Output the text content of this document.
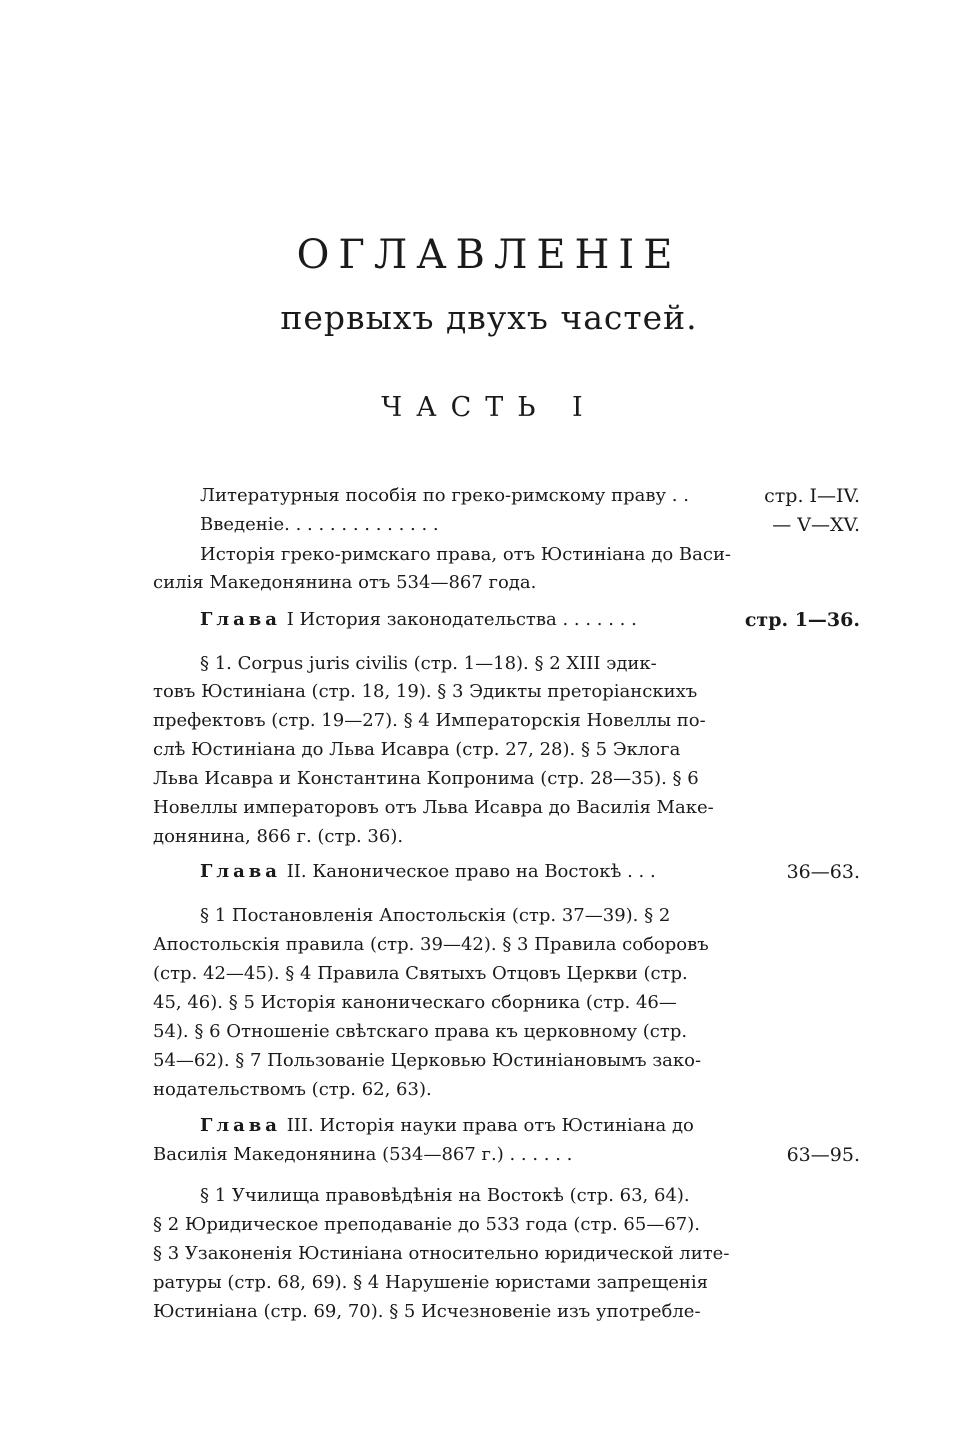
ОГЛАВЛЕНIЕ
первыхъ двухъ частей.
ЧАСТЬ I
Литературныя пособія по греко-римскому праву . .	стр. I—IV.
Введеніе. . . . . . . . . . . . . .	— V—XV.
Исторія греко-римскаго права, отъ Юстиніана до Васи-
силія Македонянина отъ 534—867 года.
Глава I История законодательства . . . . . . .	стр. 1—36.
§ 1. Corpus juris civilis (стр. 1—18). § 2 XIII эдик-
товъ Юстиніана (стр. 18, 19). § 3 Эдикты преторіанскихъ
префектовъ (стр. 19—27). § 4 Императорскія Новеллы по-
слѣ Юстиніана до Льва Исавра (стр. 27, 28). § 5 Эклога
Льва Исавра и Константина Копронима (стр. 28—35). § 6
Новеллы императоровъ отъ Льва Исавра до Василія Маке-
донянина, 866 г. (стр. 36).
Глава II. Каноническое право на Востокѣ . . .	36—63.
§ 1 Постановленія Апостольскія (стр. 37—39). § 2
Апостольскія правила (стр. 39—42). § 3 Правила соборовъ
(стр. 42—45). § 4 Правила Святыхъ Отцовъ Церкви (стр.
45, 46). § 5 Исторія каноническаго сборника (стр. 46—
54). § 6 Отношеніе свѣтскаго права къ церковному (стр.
54—62). § 7 Пользованіе Церковью Юстиніановымъ зако-
нодательствомъ (стр. 62, 63).
Глава III. Исторія науки права отъ Юстиніана до
Василія Македонянина (534—867 г.) . . . . . .	63—95.
§ 1 Училища правовѣдѣнія на Востокѣ (стр. 63, 64).
§ 2 Юридическое преподаваніе до 533 года (стр. 65—67).
§ 3 Узаконенія Юстиніана относительно юридической лите-
ратуры (стр. 68, 69). § 4 Нарушеніе юристами запрещенія
Юстиніана (стр. 69, 70). § 5 Исчезновеніе изъ употребле-
